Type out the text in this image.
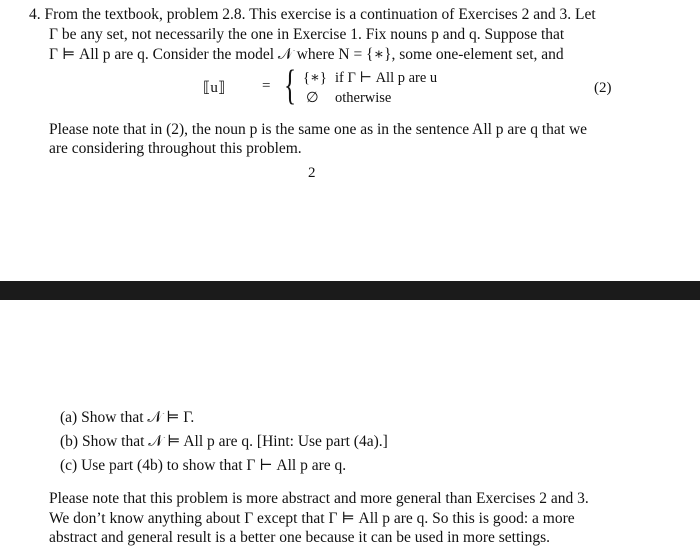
4. From the textbook, problem 2.8. This exercise is a continuation of Exercises 2 and 3. Let
Γ be any set, not necessarily the one in Exercise 1. Fix nouns p and q. Suppose that
Γ ⊨ All p are q. Consider the model 𝒩 where N = {∗}, some one-element set, and
⟦u⟧ = { {∗} if Γ ⊢ All p are u
∅ otherwise
(2)
Please note that in (2), the noun p is the same one as in the sentence All p are q that we
are considering throughout this problem.
2
(a) Show that 𝒩 ⊨ Γ.
(b) Show that 𝒩 ⊨ All p are q. [Hint: Use part (4a).]
(c) Use part (4b) to show that Γ ⊢ All p are q.
Please note that this problem is more abstract and more general than Exercises 2 and 3.
We don’t know anything about Γ except that Γ ⊨ All p are q. So this is good: a more
abstract and general result is a better one because it can be used in more settings.
